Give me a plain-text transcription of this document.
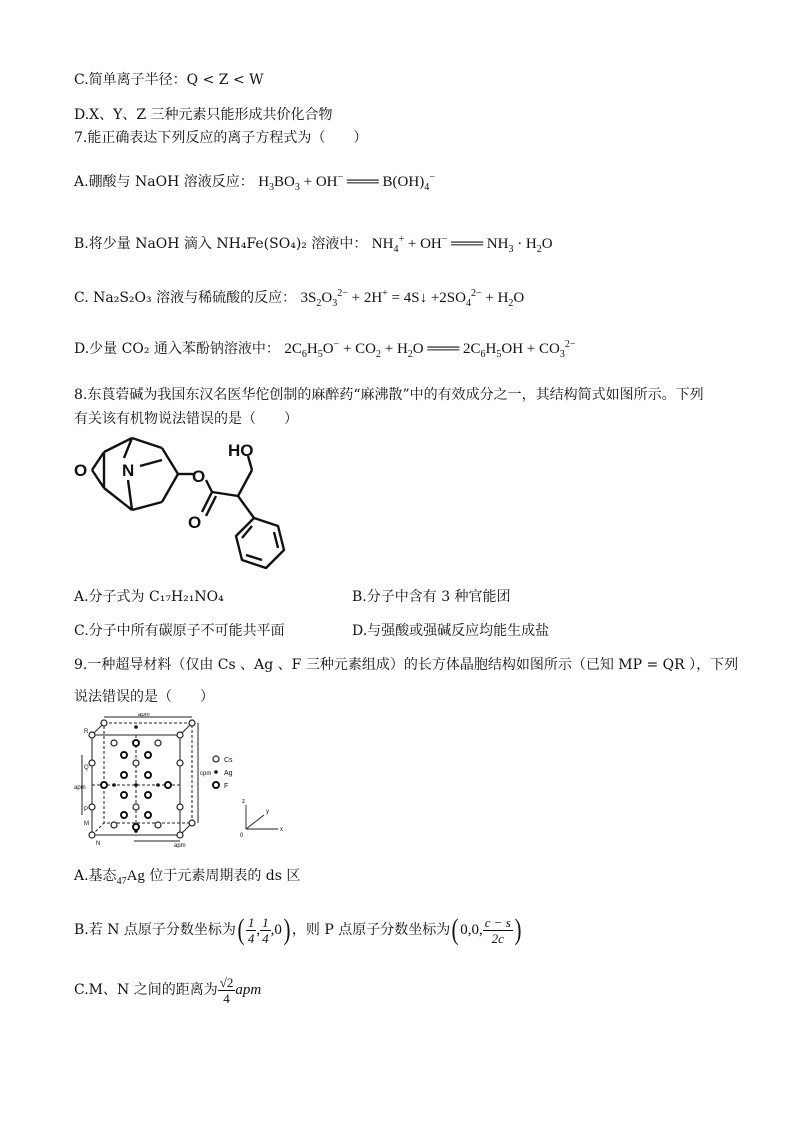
C.简单离子半径：Q < Z < W
D.X、Y、Z 三种元素只能形成共价化合物
7.能正确表达下列反应的离子方程式为（　　）
A.硼酸与 NaOH 溶液反应： $H_3BO_3 + OH^-$ ═══ $B(OH)_4^-$
B.将少量 NaOH 滴入 NH₄Fe(SO₄)₂ 溶液中： $NH_4^+ + OH^-$ ═══ $NH_3 \cdot H_2O$
C. Na₂S₂O₃ 溶液与稀硫酸的反应： $3S_2O_3^{2-} + 2H^+$ = 4S↓ $+2SO_4^{2-} + H_2O$
D.少量 CO₂ 通入苯酚钠溶液中： $2C_6H_5O^- + CO_2 + H_2O$ ═══ $2C_6H_5OH + CO_3^{2-}$
8.东莨菪碱为我国东汉名医华佗创制的麻醉药“麻沸散”中的有效成分之一，其结构简式如图所示。下列
有关该有机物说法错误的是（　　）
O N	O
O
HO
A.分子式为 C₁₇H₂₁NO₄	B.分子中含有 3 种官能团
C.分子中所有碳原子不可能共平面	D.与强酸或强碱反应均能生成盐
9.一种超导材料（仅由 Cs 、Ag 、F 三种元素组成）的长方体晶胞结构如图所示（已知 MP = QR ），下列
说法错误的是（　　）
apm
cpm
apm
apm
R
Q
M
N
P
Cs
Ag
F
z
y
x
0
A.基态$_{47}$Ag 位于元素周期表的 ds 区
B.若 N 点原子分数坐标为( $\frac{1}{4}$ , $\frac{1}{4} ,0$) ，则 P 点原子分数坐标为( 0,0, $\frac{c - s}{2c}$ )
C.M、N 之间的距离为 $\frac{√2}{4}$ apm
